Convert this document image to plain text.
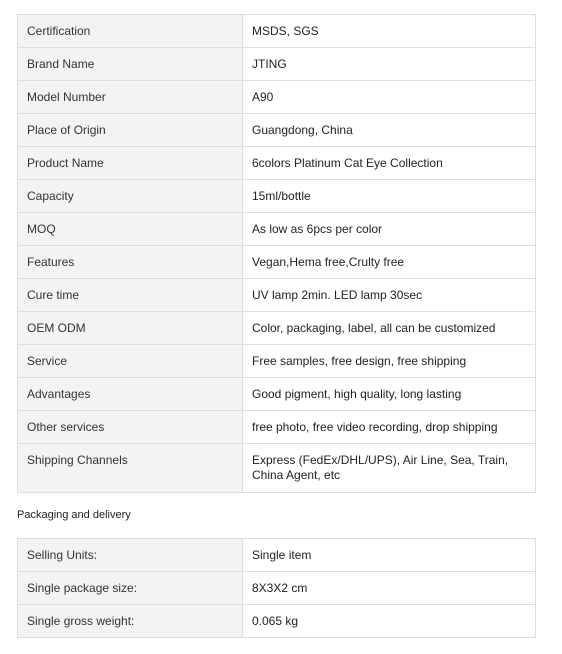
Certification	MSDS, SGS
Brand Name	JTING
Model Number	A90
Place of Origin	Guangdong, China
Product Name	6colors Platinum Cat Eye Collection
Capacity	15ml/bottle
MOQ	As low as 6pcs per color
Features	Vegan,Hema free,Crulty free
Cure time	UV lamp 2min. LED lamp 30sec
OEM ODM	Color, packaging, label, all can be customized
Service	Free samples, free design, free shipping
Advantages	Good pigment, high quality, long lasting
Other services	free photo, free video recording, drop shipping
Shipping Channels	Express (FedEx/DHL/UPS), Air Line, Sea, Train, China Agent, etc
Packaging and delivery
Selling Units:	Single item
Single package size:	8X3X2 cm
Single gross weight:	0.065 kg
